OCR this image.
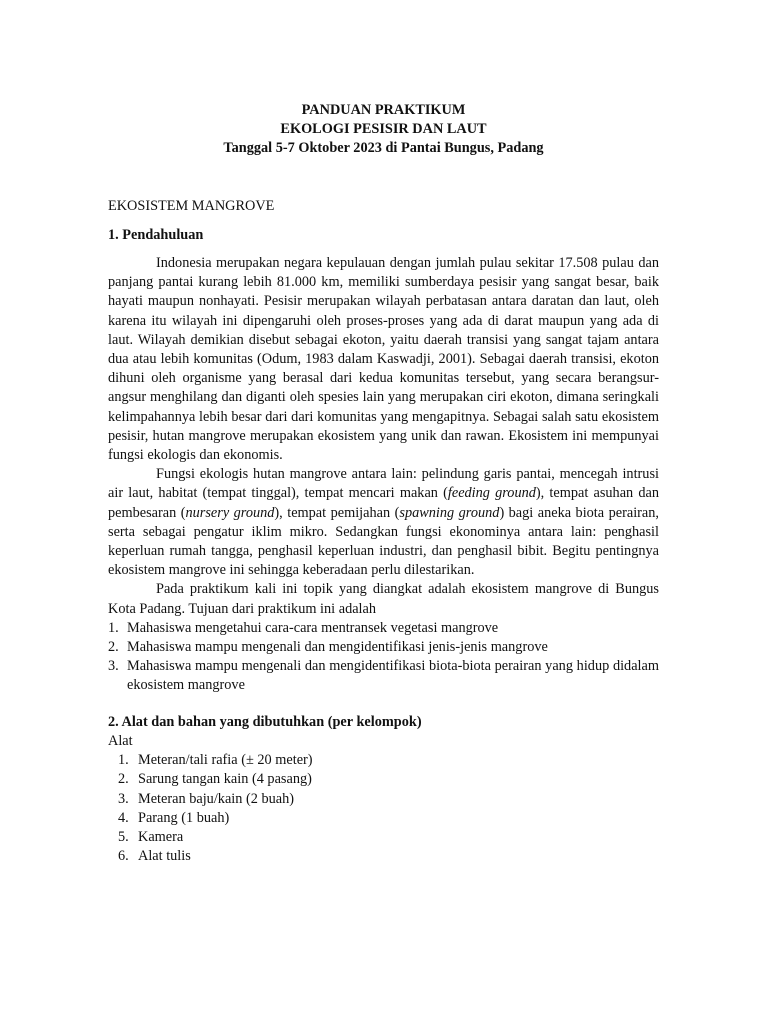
PANDUAN PRAKTIKUM
EKOLOGI PESISIR DAN LAUT
Tanggal 5-7 Oktober 2023 di Pantai Bungus, Padang
EKOSISTEM MANGROVE
1. Pendahuluan

Indonesia merupakan negara kepulauan dengan jumlah pulau sekitar 17.508 pulau dan panjang pantai kurang lebih 81.000 km, memiliki sumberdaya pesisir yang sangat besar, baik hayati maupun nonhayati. Pesisir merupakan wilayah perbatasan antara daratan dan laut, oleh karena itu wilayah ini dipengaruhi oleh proses-proses yang ada di darat maupun yang ada di laut. Wilayah demikian disebut sebagai ekoton, yaitu daerah transisi yang sangat tajam antara dua atau lebih komunitas (Odum, 1983 dalam Kaswadji, 2001). Sebagai daerah transisi, ekoton dihuni oleh organisme yang berasal dari kedua komunitas tersebut, yang secara berangsur-angsur menghilang dan diganti oleh spesies lain yang merupakan ciri ekoton, dimana seringkali kelimpahannya lebih besar dari dari komunitas yang mengapitnya. Sebagai salah satu ekosistem pesisir, hutan mangrove merupakan ekosistem yang unik dan rawan. Ekosistem ini mempunyai fungsi ekologis dan ekonomis.

Fungsi ekologis hutan mangrove antara lain: pelindung garis pantai, mencegah intrusi air laut, habitat (tempat tinggal), tempat mencari makan (feeding ground), tempat asuhan dan pembesaran (nursery ground), tempat pemijahan (spawning ground) bagi aneka biota perairan, serta sebagai pengatur iklim mikro. Sedangkan fungsi ekonominya antara lain: penghasil keperluan rumah tangga, penghasil keperluan industri, dan penghasil bibit. Begitu pentingnya ekosistem mangrove ini sehingga keberadaan perlu dilestarikan.

Pada praktikum kali ini topik yang diangkat adalah ekosistem mangrove di Bungus Kota Padang. Tujuan dari praktikum ini adalah

1. Mahasiswa mengetahui cara-cara mentransek vegetasi mangrove
2. Mahasiswa mampu mengenali dan mengidentifikasi jenis-jenis mangrove
3. Mahasiswa mampu mengenali dan mengidentifikasi biota-biota perairan yang hidup didalam ekosistem mangrove
2. Alat dan bahan yang dibutuhkan (per kelompok)

Alat

1. Meteran/tali rafia (± 20 meter)
2. Sarung tangan kain (4 pasang)
3. Meteran baju/kain (2 buah)
4. Parang (1 buah)
5. Kamera
6. Alat tulis
